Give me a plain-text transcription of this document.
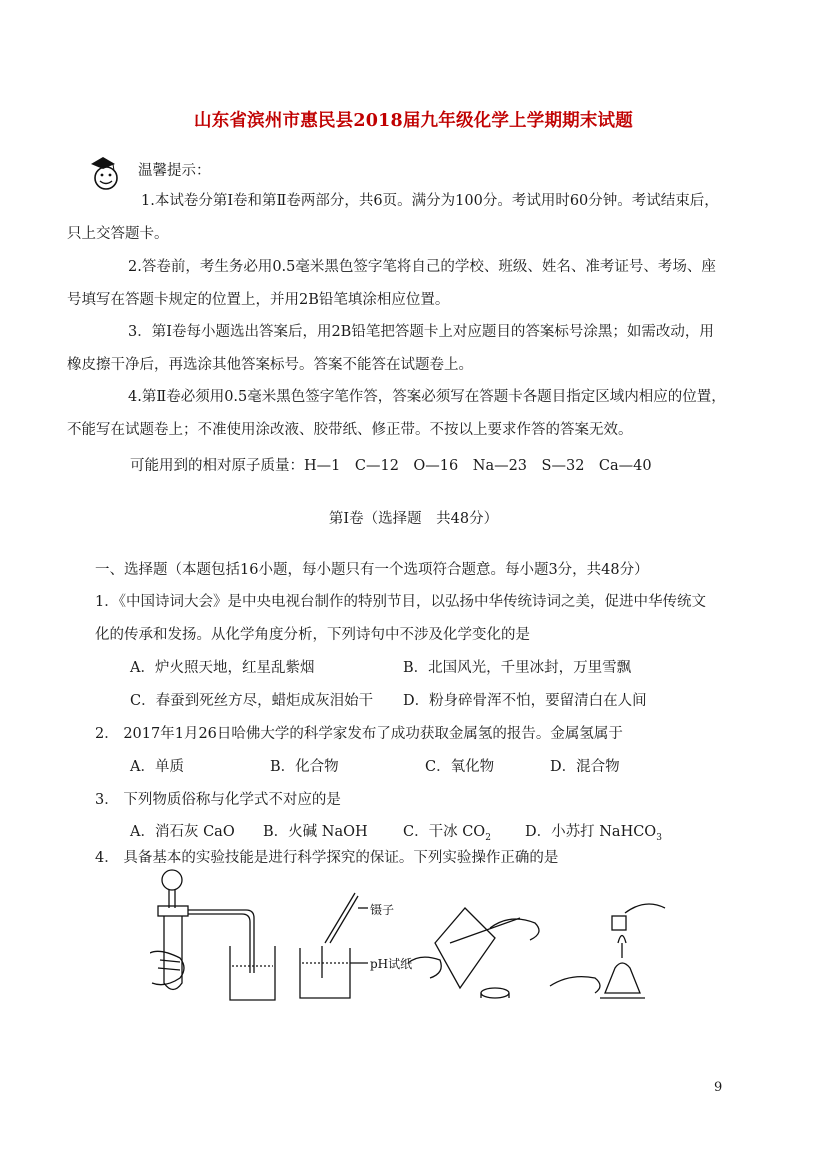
山东省滨州市惠民县2018届九年级化学上学期期末试题
温馨提示：
1.本试卷分第Ⅰ卷和第Ⅱ卷两部分，共6页。满分为100分。考试用时60分钟。考试结束后，
只上交答题卡。
2.答卷前，考生务必用0.5毫米黑色签字笔将自己的学校、班级、姓名、准考证号、考场、座
号填写在答题卡规定的位置上，并用2B铅笔填涂相应位置。
3．第Ⅰ卷每小题选出答案后，用2B铅笔把答题卡上对应题目的答案标号涂黑；如需改动，用
橡皮擦干净后，再选涂其他答案标号。答案不能答在试题卷上。
4.第Ⅱ卷必须用0.5毫米黑色签字笔作答，答案必须写在答题卡各题目指定区域内相应的位置，
不能写在试题卷上；不准使用涂改液、胶带纸、修正带。不按以上要求作答的答案无效。
可能用到的相对原子质量：H—1　C—12　O—16　Na—23　S—32　Ca—40
第Ⅰ卷（选择题　共48分）
一、选择题（本题包括16小题，每小题只有一个选项符合题意。每小题3分，共48分）
1．《中国诗词大会》是中央电视台制作的特别节目，以弘扬中华传统诗词之美，促进中华传统文
化的传承和发扬。从化学角度分析，下列诗句中不涉及化学变化的是
A．炉火照天地，红星乱紫烟	B．北国风光，千里冰封，万里雪飘
C．春蚕到死丝方尽，蜡炬成灰泪始干 D．粉身碎骨浑不怕，要留清白在人间
2． 2017年1月26日哈佛大学的科学家发布了成功获取金属氢的报告。金属氢属于
A．单质	B．化合物	C．氧化物	D．混合物
3． 下列物质俗称与化学式不对应的是
A．消石灰 CaO B．火碱 NaOH C．干冰 $CO_2$ D．小苏打 NaHCO$_3$
4． 具备基本的实验技能是进行科学探究的保证。下列实验操作正确的是
镊子
pH试纸
9
